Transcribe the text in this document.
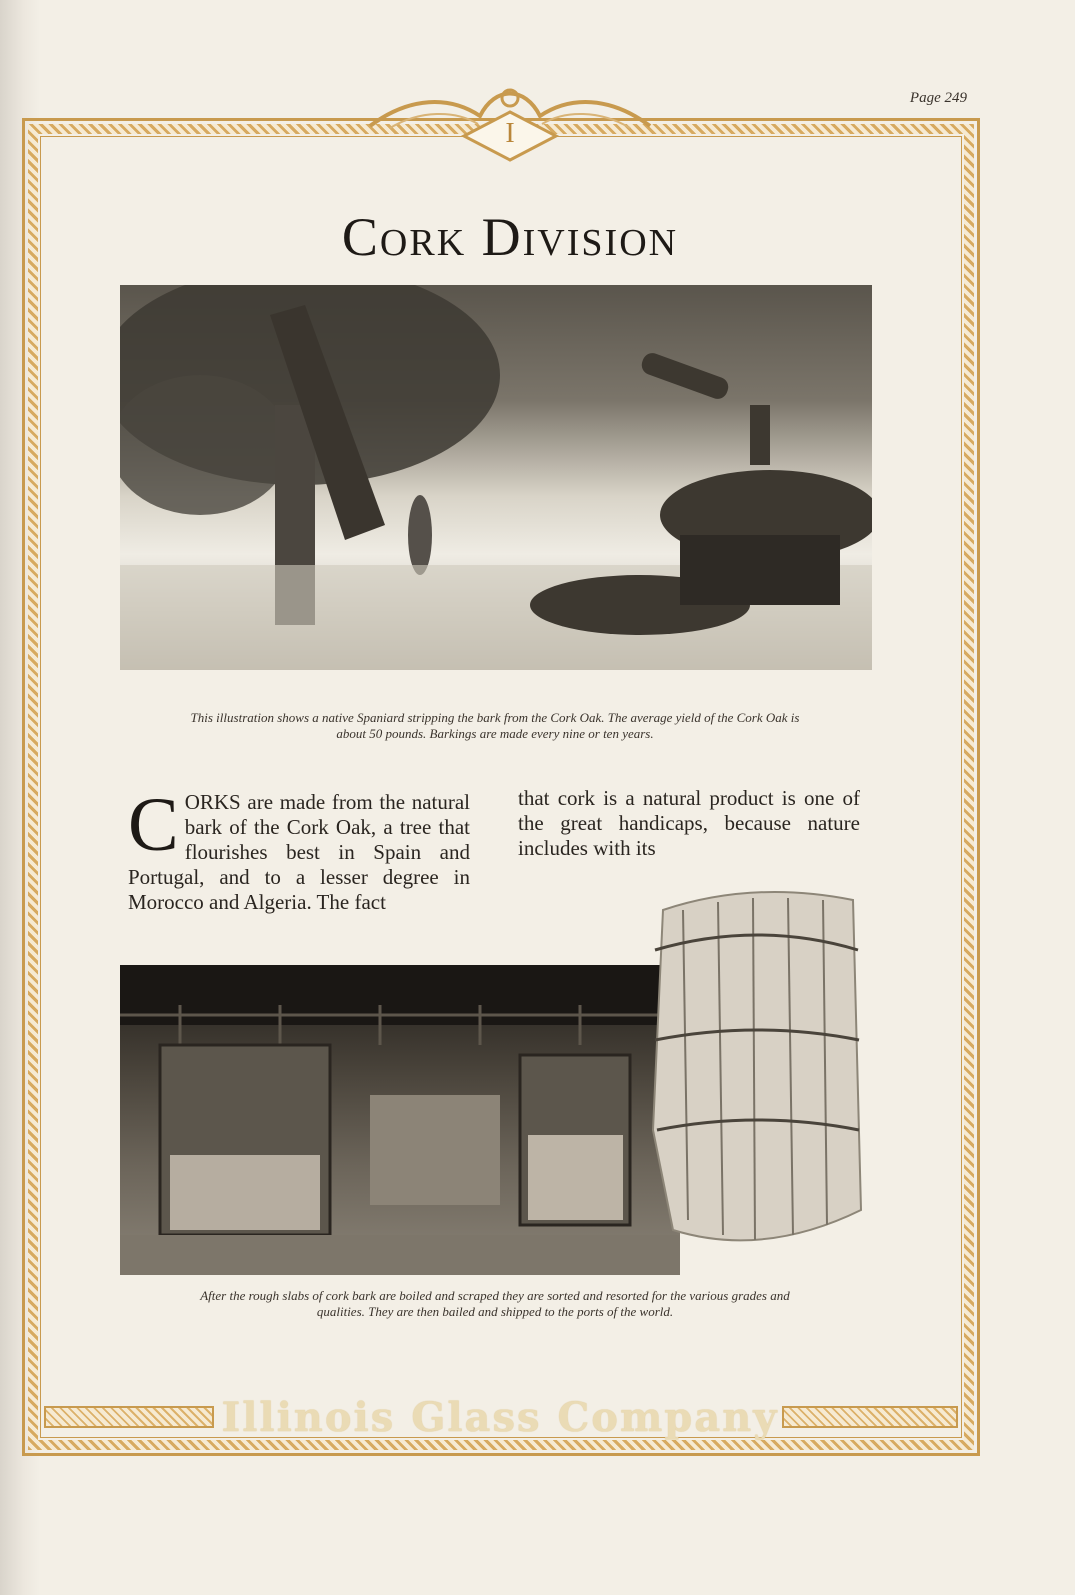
Page 249
I
Cork Division
This illustration shows a native Spaniard stripping the bark from the Cork Oak. The average yield of the Cork Oak is about 50 pounds. Barkings are made every nine or ten years.
CORKS are made from the natural bark of the Cork Oak, a tree that flourishes best in Spain and Portugal, and to a lesser degree in Morocco and Algeria. The fact
that cork is a natural product is one of the great handicaps, because nature includes with its
After the rough slabs of cork bark are boiled and scraped they are sorted and resorted for the various grades and qualities. They are then bailed and shipped to the ports of the world.
Illinois Glass Company
